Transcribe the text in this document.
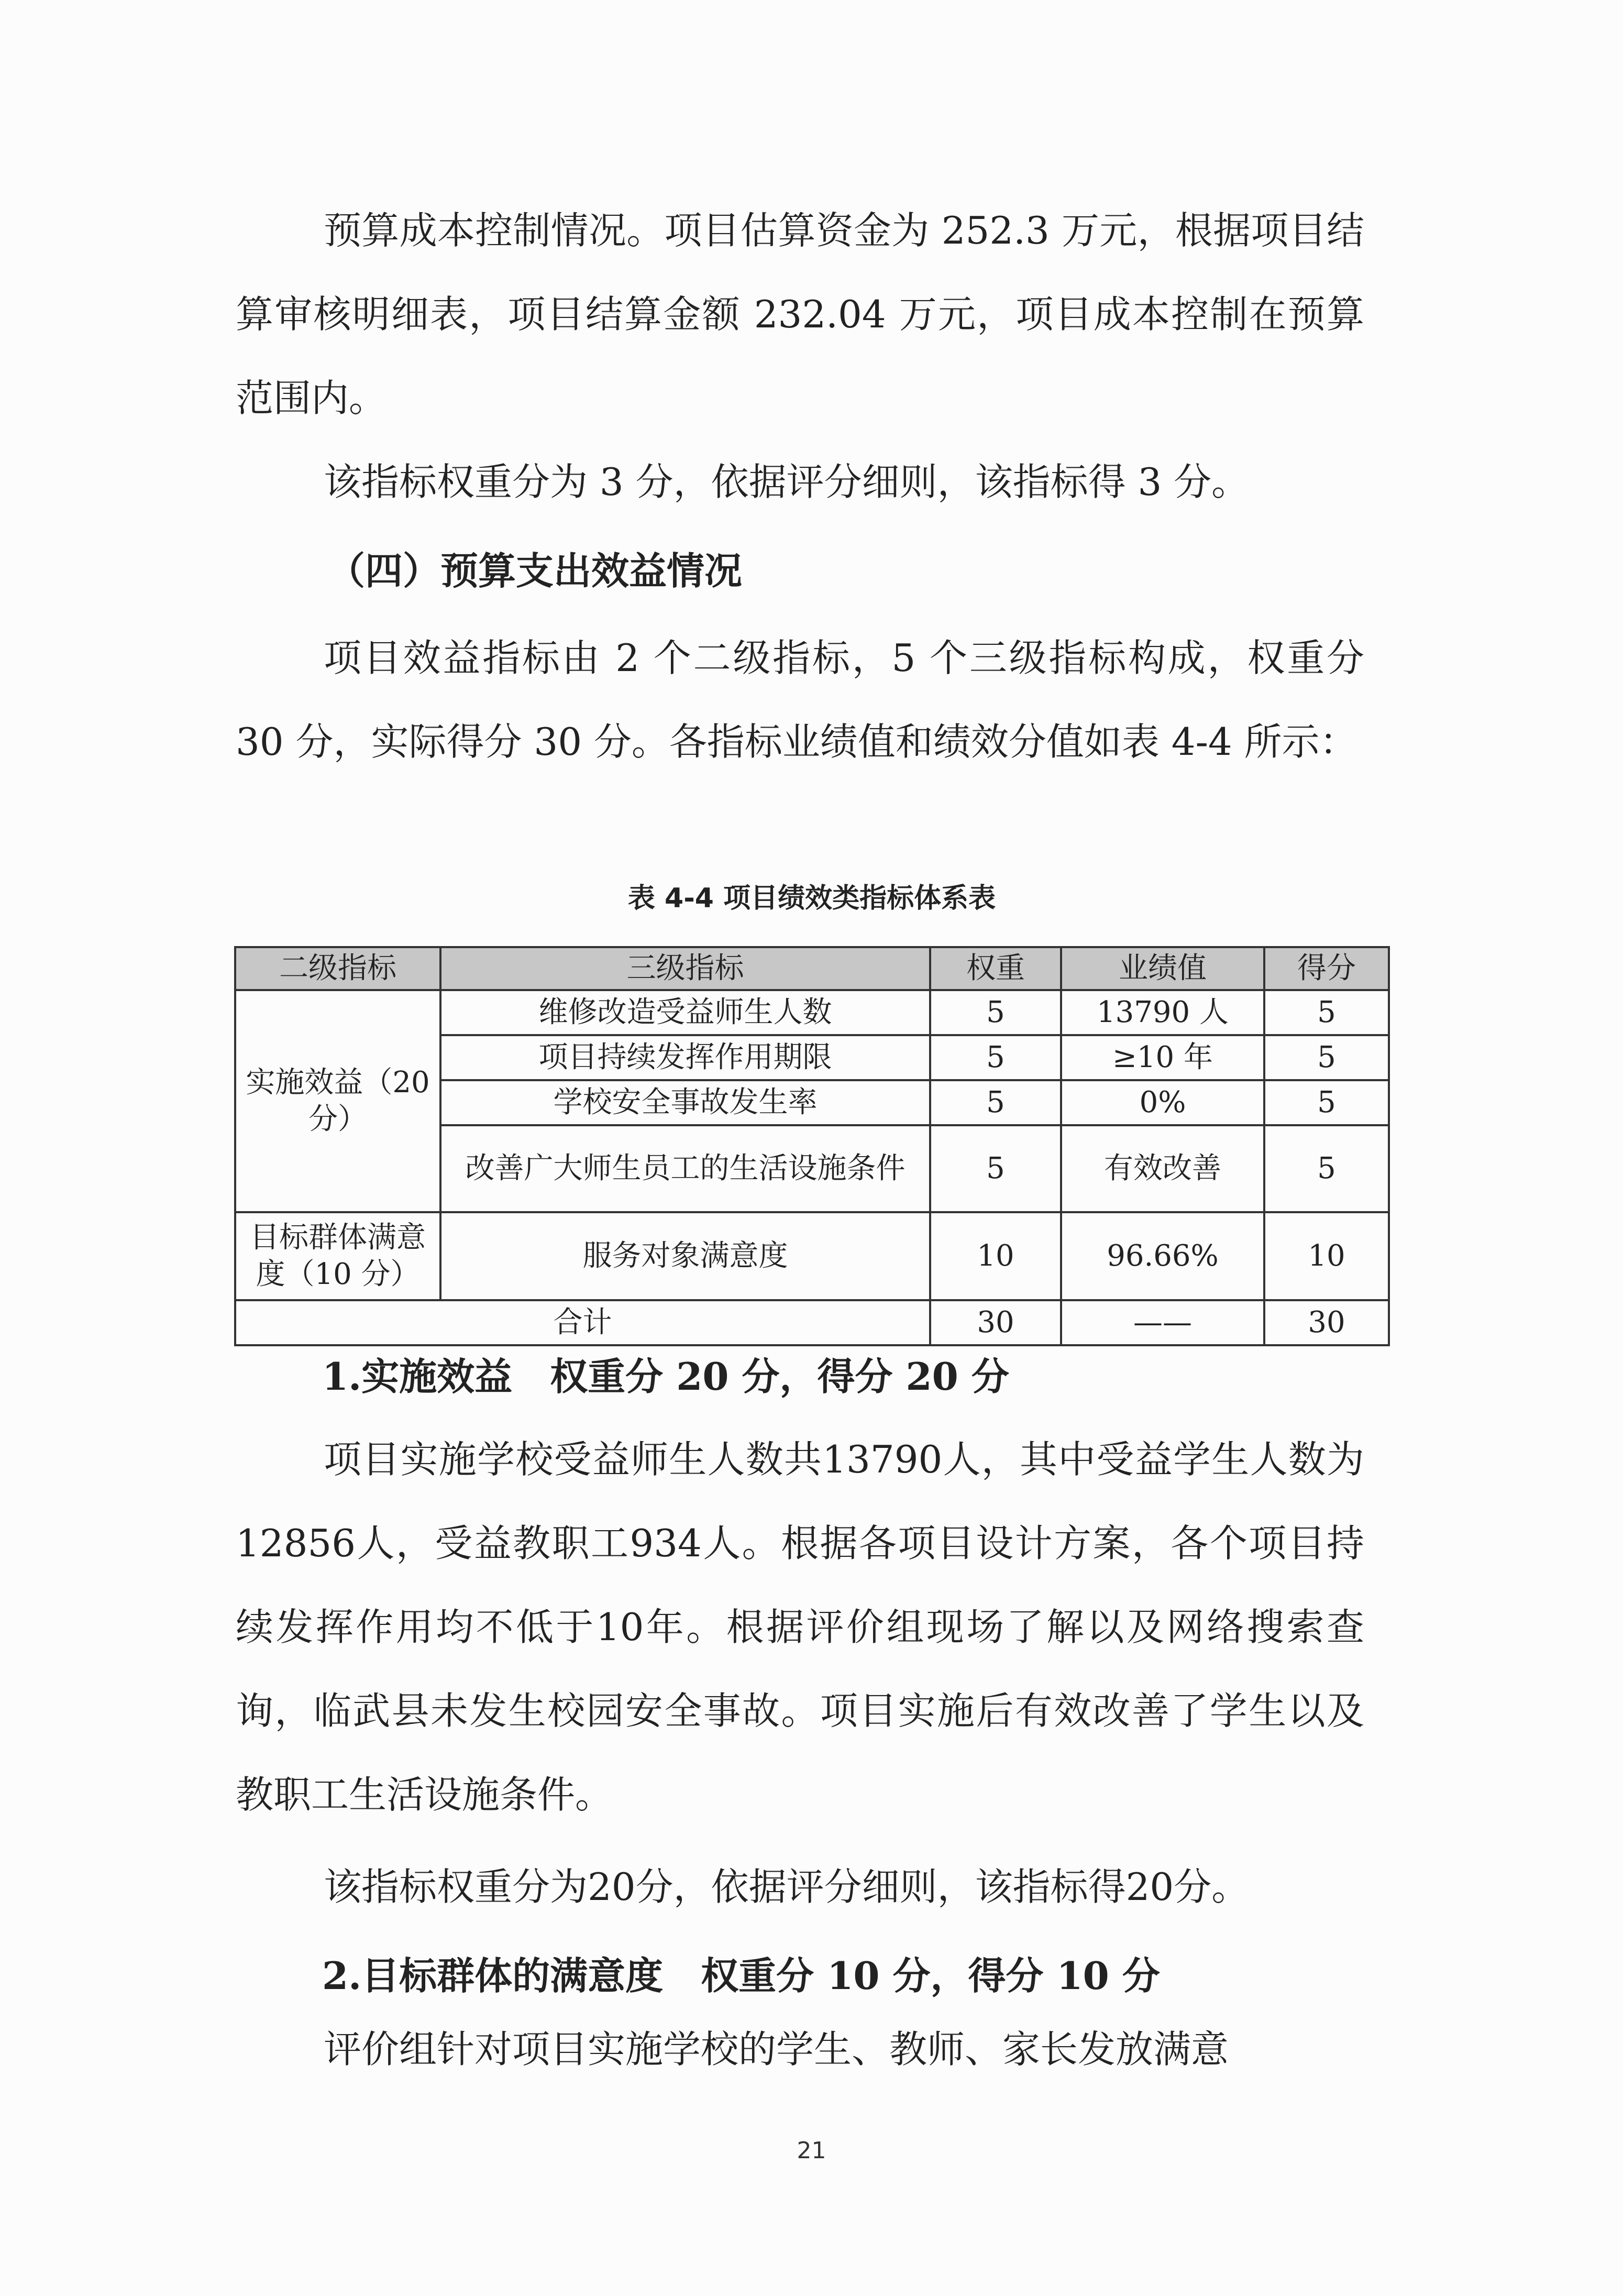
预算成本控制情况。项目估算资金为 252.3 万元，根据项目结算审核明细表，项目结算金额 232.04 万元，项目成本控制在预算范围内。

该指标权重分为 3 分，依据评分细则，该指标得 3 分。

（四）预算支出效益情况

项目效益指标由 2 个二级指标，5 个三级指标构成，权重分 30 分，实际得分 30 分。各指标业绩值和绩效分值如表 4-4 所示：

表 4-4 项目绩效类指标体系表
二级指标	三级指标	权重	业绩值	得分
实施效益（20 分）	维修改造受益师生人数	5	13790 人	5
	项目持续发挥作用期限	5	≥10 年	5
	学校安全事故发生率	5	0%	5
	改善广大师生员工的生活设施条件	5	有效改善	5
目标群体满意度（10 分）	服务对象满意度	10	96.66%	10
合计		30	——	30

1.实施效益　权重分 20 分，得分 20 分

项目实施学校受益师生人数共13790人，其中受益学生人数为12856人，受益教职工934人。根据各项目设计方案，各个项目持续发挥作用均不低于10年。根据评价组现场了解以及网络搜索查询，临武县未发生校园安全事故。项目实施后有效改善了学生以及教职工生活设施条件。

该指标权重分为20分，依据评分细则，该指标得20分。

2.目标群体的满意度　权重分 10 分，得分 10 分

评价组针对项目实施学校的学生、教师、家长发放满意

21
